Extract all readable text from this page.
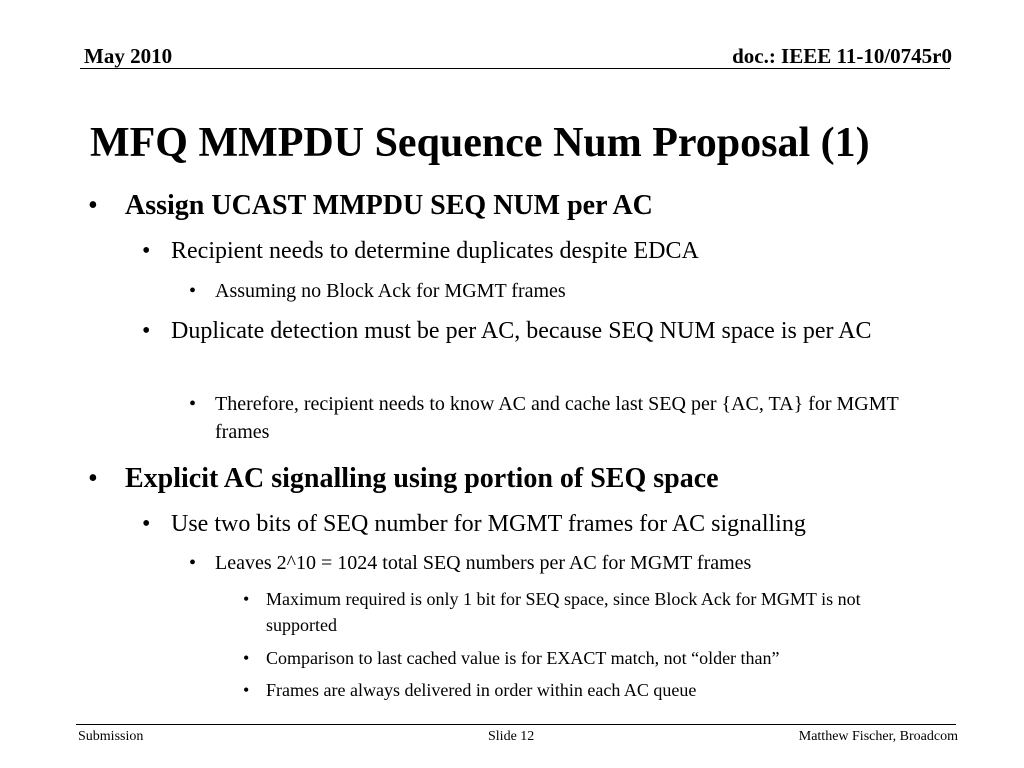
May 2010	doc.: IEEE 11-10/0745r0
MFQ MMPDU Sequence Num Proposal (1)
• Assign UCAST MMPDU SEQ NUM per AC
• Recipient needs to determine duplicates despite EDCA
• Assuming no Block Ack for MGMT frames
• Duplicate detection must be per AC, because SEQ NUM space is per AC
• Therefore, recipient needs to know AC and cache last SEQ per {AC, TA} for MGMT frames
• Explicit AC signalling using portion of SEQ space
• Use two bits of SEQ number for MGMT frames for AC signalling
• Leaves 2^10 = 1024 total SEQ numbers per AC for MGMT frames
• Maximum required is only 1 bit for SEQ space, since Block Ack for MGMT is not supported
• Comparison to last cached value is for EXACT match, not “older than”
• Frames are always delivered in order within each AC queue
Submission	Slide 12	Matthew Fischer, Broadcom
